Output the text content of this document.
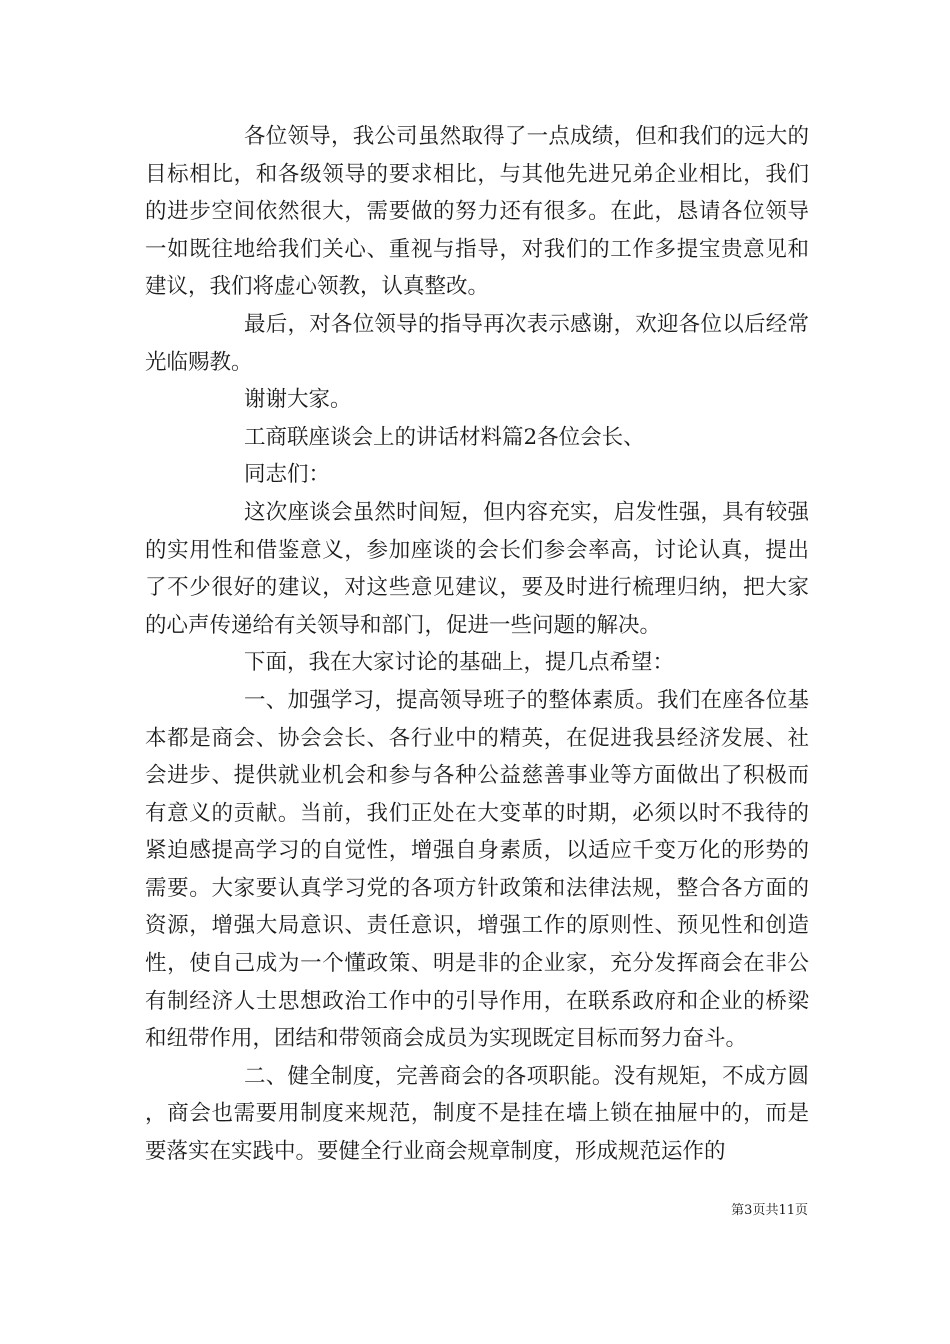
各位领导，我公司虽然取得了一点成绩，但和我们的远大的目标相比，和各级领导的要求相比，与其他先进兄弟企业相比，我们的进步空间依然很大，需要做的努力还有很多。在此，恳请各位领导一如既往地给我们关心、重视与指导，对我们的工作多提宝贵意见和建议，我们将虚心领教，认真整改。

最后，对各位领导的指导再次表示感谢，欢迎各位以后经常光临赐教。

谢谢大家。

工商联座谈会上的讲话材料篇2各位会长、

同志们：

这次座谈会虽然时间短，但内容充实，启发性强，具有较强的实用性和借鉴意义，参加座谈的会长们参会率高，讨论认真，提出了不少很好的建议，对这些意见建议，要及时进行梳理归纳，把大家的心声传递给有关领导和部门，促进一些问题的解决。

下面，我在大家讨论的基础上，提几点希望：

一、加强学习，提高领导班子的整体素质。我们在座各位基本都是商会、协会会长、各行业中的精英，在促进我县经济发展、社会进步、提供就业机会和参与各种公益慈善事业等方面做出了积极而有意义的贡献。当前，我们正处在大变革的时期，必须以时不我待的紧迫感提高学习的自觉性，增强自身素质，以适应千变万化的形势的需要。大家要认真学习党的各项方针政策和法律法规，整合各方面的资源，增强大局意识、责任意识，增强工作的原则性、预见性和创造性，使自己成为一个懂政策、明是非的企业家，充分发挥商会在非公有制经济人士思想政治工作中的引导作用，在联系政府和企业的桥梁和纽带作用，团结和带领商会成员为实现既定目标而努力奋斗。

二、健全制度，完善商会的各项职能。没有规矩，不成方圆，商会也需要用制度来规范，制度不是挂在墙上锁在抽屉中的，而是要落实在实践中。要健全行业商会规章制度，形成规范运作的

第3页共11页
